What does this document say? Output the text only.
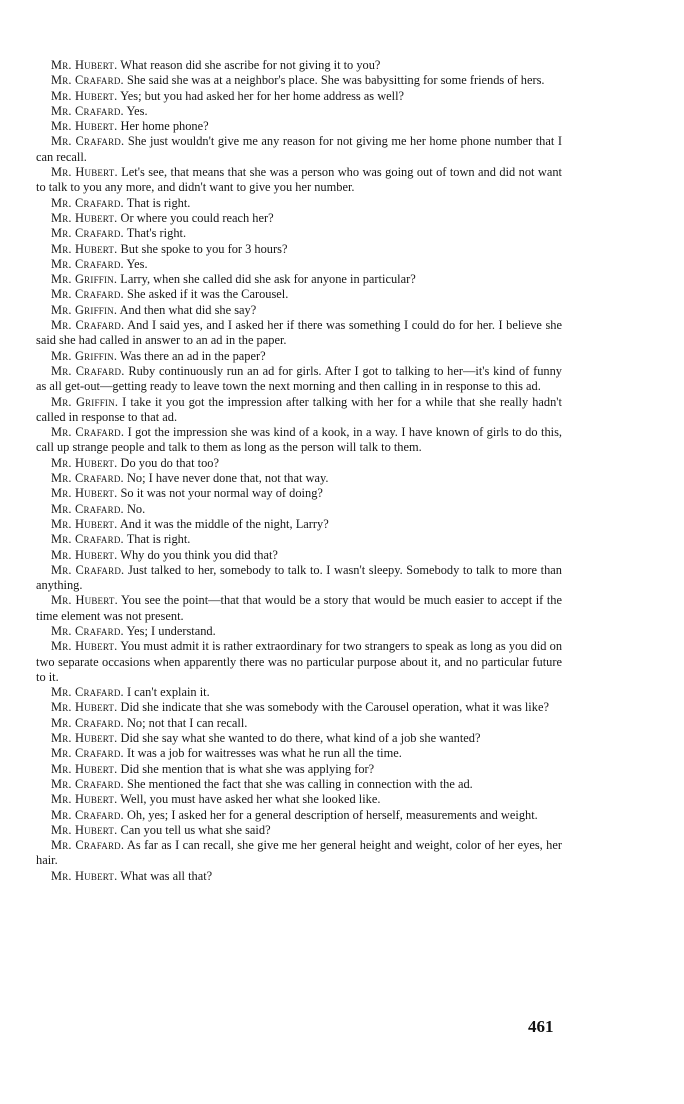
Mr. Hubert. What reason did she ascribe for not giving it to you?

Mr. Crafard. She said she was at a neighbor's place. She was babysitting for some friends of hers.

Mr. Hubert. Yes; but you had asked her for her home address as well?

Mr. Crafard. Yes.

Mr. Hubert. Her home phone?

Mr. Crafard. She just wouldn't give me any reason for not giving me her home phone number that I can recall.

Mr. Hubert. Let's see, that means that she was a person who was going out of town and did not want to talk to you any more, and didn't want to give you her number.

Mr. Crafard. That is right.

Mr. Hubert. Or where you could reach her?

Mr. Crafard. That's right.

Mr. Hubert. But she spoke to you for 3 hours?

Mr. Crafard. Yes.

Mr. Griffin. Larry, when she called did she ask for anyone in particular?

Mr. Crafard. She asked if it was the Carousel.

Mr. Griffin. And then what did she say?

Mr. Crafard. And I said yes, and I asked her if there was something I could do for her. I believe she said she had called in answer to an ad in the paper.

Mr. Griffin. Was there an ad in the paper?

Mr. Crafard. Ruby continuously run an ad for girls. After I got to talking to her—it's kind of funny as all get-out—getting ready to leave town the next morning and then calling in in response to this ad.

Mr. Griffin. I take it you got the impression after talking with her for a while that she really hadn't called in response to that ad.

Mr. Crafard. I got the impression she was kind of a kook, in a way. I have known of girls to do this, call up strange people and talk to them as long as the person will talk to them.

Mr. Hubert. Do you do that too?

Mr. Crafard. No; I have never done that, not that way.

Mr. Hubert. So it was not your normal way of doing?

Mr. Crafard. No.

Mr. Hubert. And it was the middle of the night, Larry?

Mr. Crafard. That is right.

Mr. Hubert. Why do you think you did that?

Mr. Crafard. Just talked to her, somebody to talk to. I wasn't sleepy. Somebody to talk to more than anything.

Mr. Hubert. You see the point—that that would be a story that would be much easier to accept if the time element was not present.

Mr. Crafard. Yes; I understand.

Mr. Hubert. You must admit it is rather extraordinary for two strangers to speak as long as you did on two separate occasions when apparently there was no particular purpose about it, and no particular future to it.

Mr. Crafard. I can't explain it.

Mr. Hubert. Did she indicate that she was somebody with the Carousel operation, what it was like?

Mr. Crafard. No; not that I can recall.

Mr. Hubert. Did she say what she wanted to do there, what kind of a job she wanted?

Mr. Crafard. It was a job for waitresses was what he run all the time.

Mr. Hubert. Did she mention that is what she was applying for?

Mr. Crafard. She mentioned the fact that she was calling in connection with the ad.

Mr. Hubert. Well, you must have asked her what she looked like.

Mr. Crafard. Oh, yes; I asked her for a general description of herself, measurements and weight.

Mr. Hubert. Can you tell us what she said?

Mr. Crafard. As far as I can recall, she give me her general height and weight, color of her eyes, her hair.

Mr. Hubert. What was all that?

461
